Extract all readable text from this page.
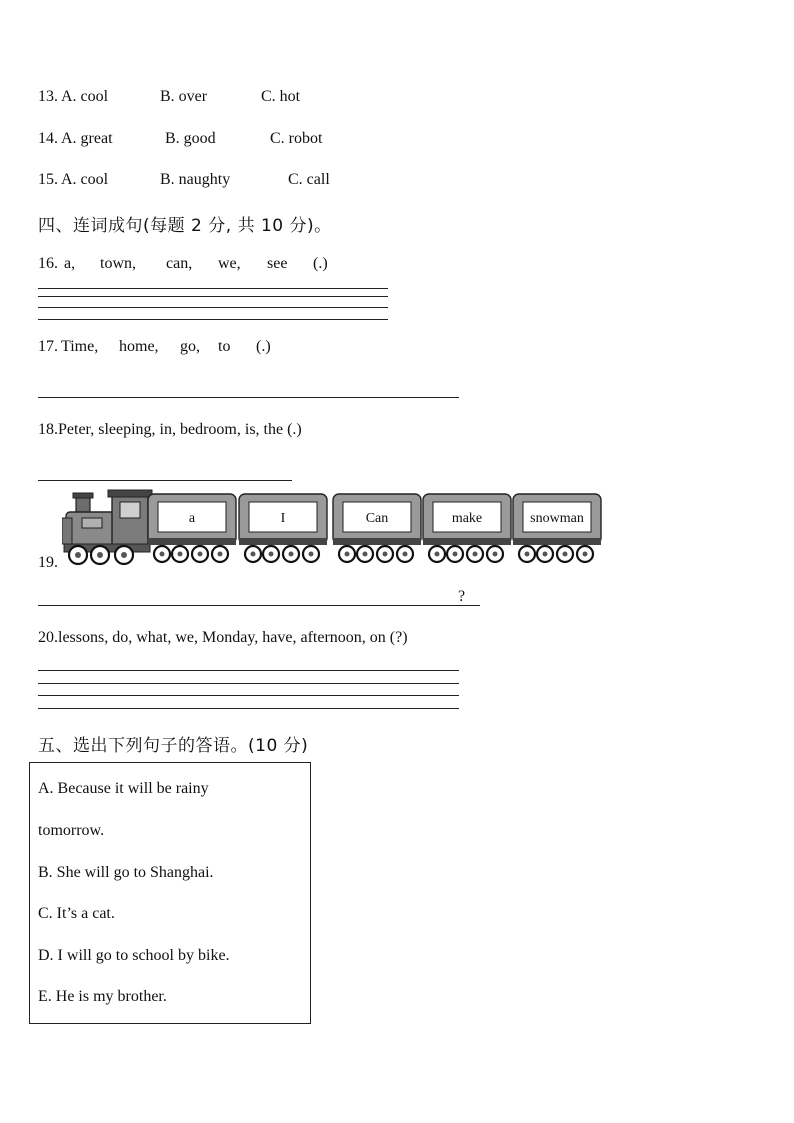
13. A. cool	B. over	C. hot
14. A. great	B. good	C. robot
15. A. cool	B. naughty	C. call
四、连词成句(每题 2 分, 共 10 分)。
16. a, town, can, we, see (.)
17. Time, home, go, to (.)
18.Peter, sleeping, in, bedroom, is, the (.)
19.
a	I	Can	make	snowman
?
20.lessons, do, what, we, Monday, have, afternoon, on (?)
五、选出下列句子的答语。(10 分)
A. Because it will be rainy
tomorrow.
B. She will go to Shanghai.
C. It’s a cat.
D. I will go to school by bike.
E. He is my brother.
